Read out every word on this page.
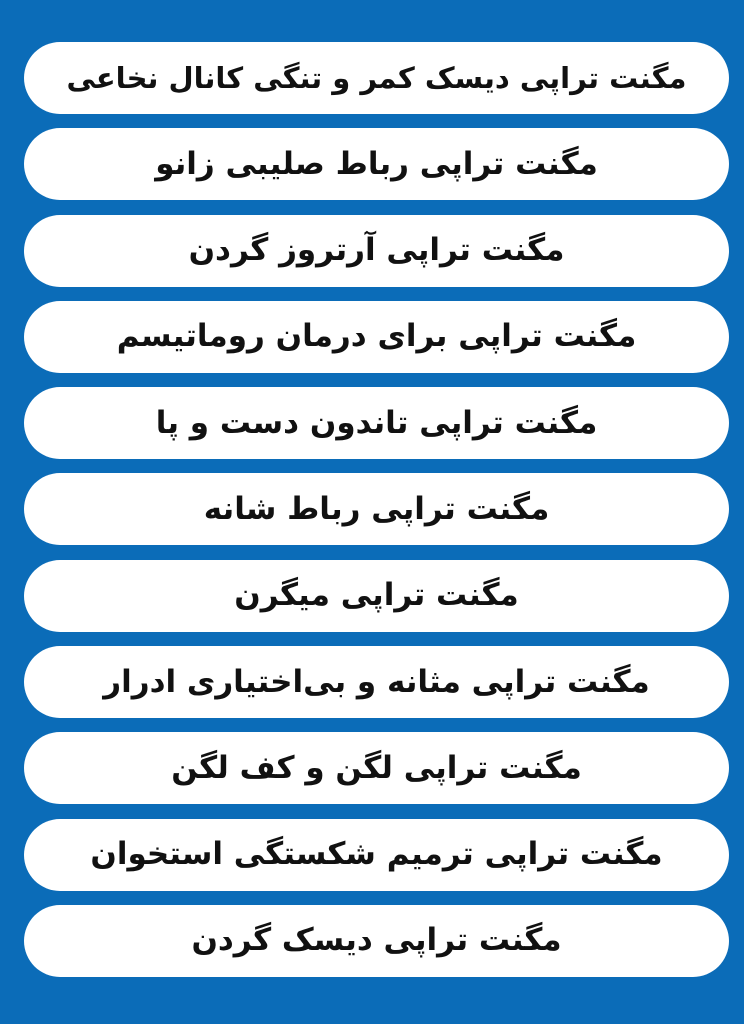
مگنت تراپی دیسک کمر و تنگی کانال نخاعی
مگنت تراپی رباط صلیبی زانو
مگنت تراپی آرتروز گردن
مگنت تراپی برای درمان روماتیسم
مگنت تراپی تاندون دست و پا
مگنت تراپی رباط شانه
مگنت تراپی میگرن
مگنت تراپی مثانه و بی‌اختیاری ادرار
مگنت تراپی لگن و کف لگن
مگنت تراپی ترمیم شکستگی استخوان
مگنت تراپی دیسک گردن
